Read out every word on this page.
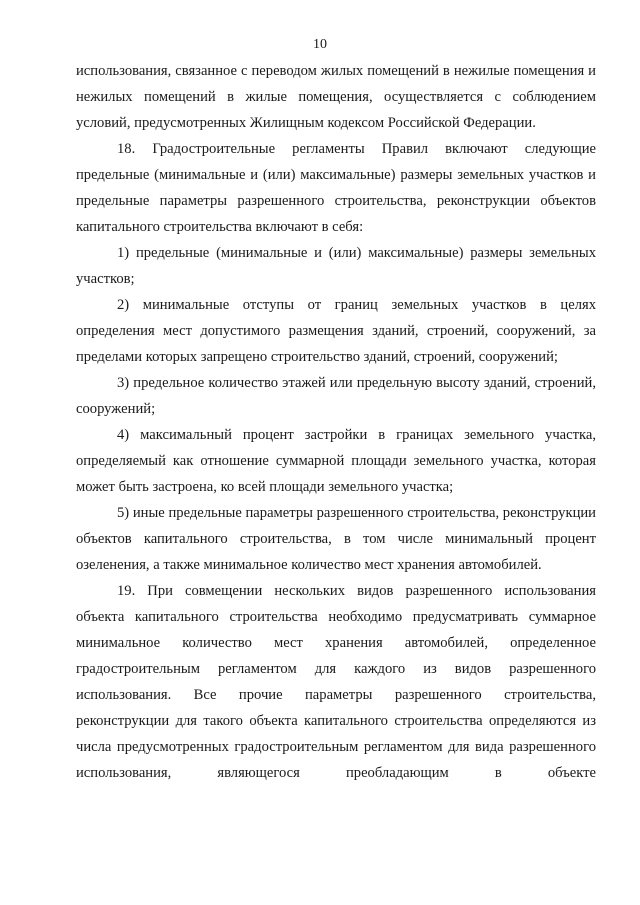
10

использования, связанное с переводом жилых помещений в нежилые помещения и нежилых помещений в жилые помещения, осуществляется с соблюдением условий, предусмотренных Жилищным кодексом Российской Федерации.

18. Градостроительные регламенты Правил включают следующие предельные (минимальные и (или) максимальные) размеры земельных участков и предельные параметры разрешенного строительства, реконструкции объектов капитального строительства включают в себя:

1) предельные (минимальные и (или) максимальные) размеры земельных участков;

2) минимальные отступы от границ земельных участков в целях определения мест допустимого размещения зданий, строений, сооружений, за пределами которых запрещено строительство зданий, строений, сооружений;

3) предельное количество этажей или предельную высоту зданий, строений, сооружений;

4) максимальный процент застройки в границах земельного участка, определяемый как отношение суммарной площади земельного участка, которая может быть застроена, ко всей площади земельного участка;

5) иные предельные параметры разрешенного строительства, реконструкции объектов капитального строительства, в том числе минимальный процент озеленения, а также минимальное количество мест хранения автомобилей.

19. При совмещении нескольких видов разрешенного использования объекта капитального строительства необходимо предусматривать суммарное минимальное количество мест хранения автомобилей, определенное градостроительным регламентом для каждого из видов разрешенного использования. Все прочие параметры разрешенного строительства, реконструкции для такого объекта капитального строительства определяются из числа предусмотренных градостроительным регламентом для вида разрешенного использования, являющегося преобладающим в объекте
